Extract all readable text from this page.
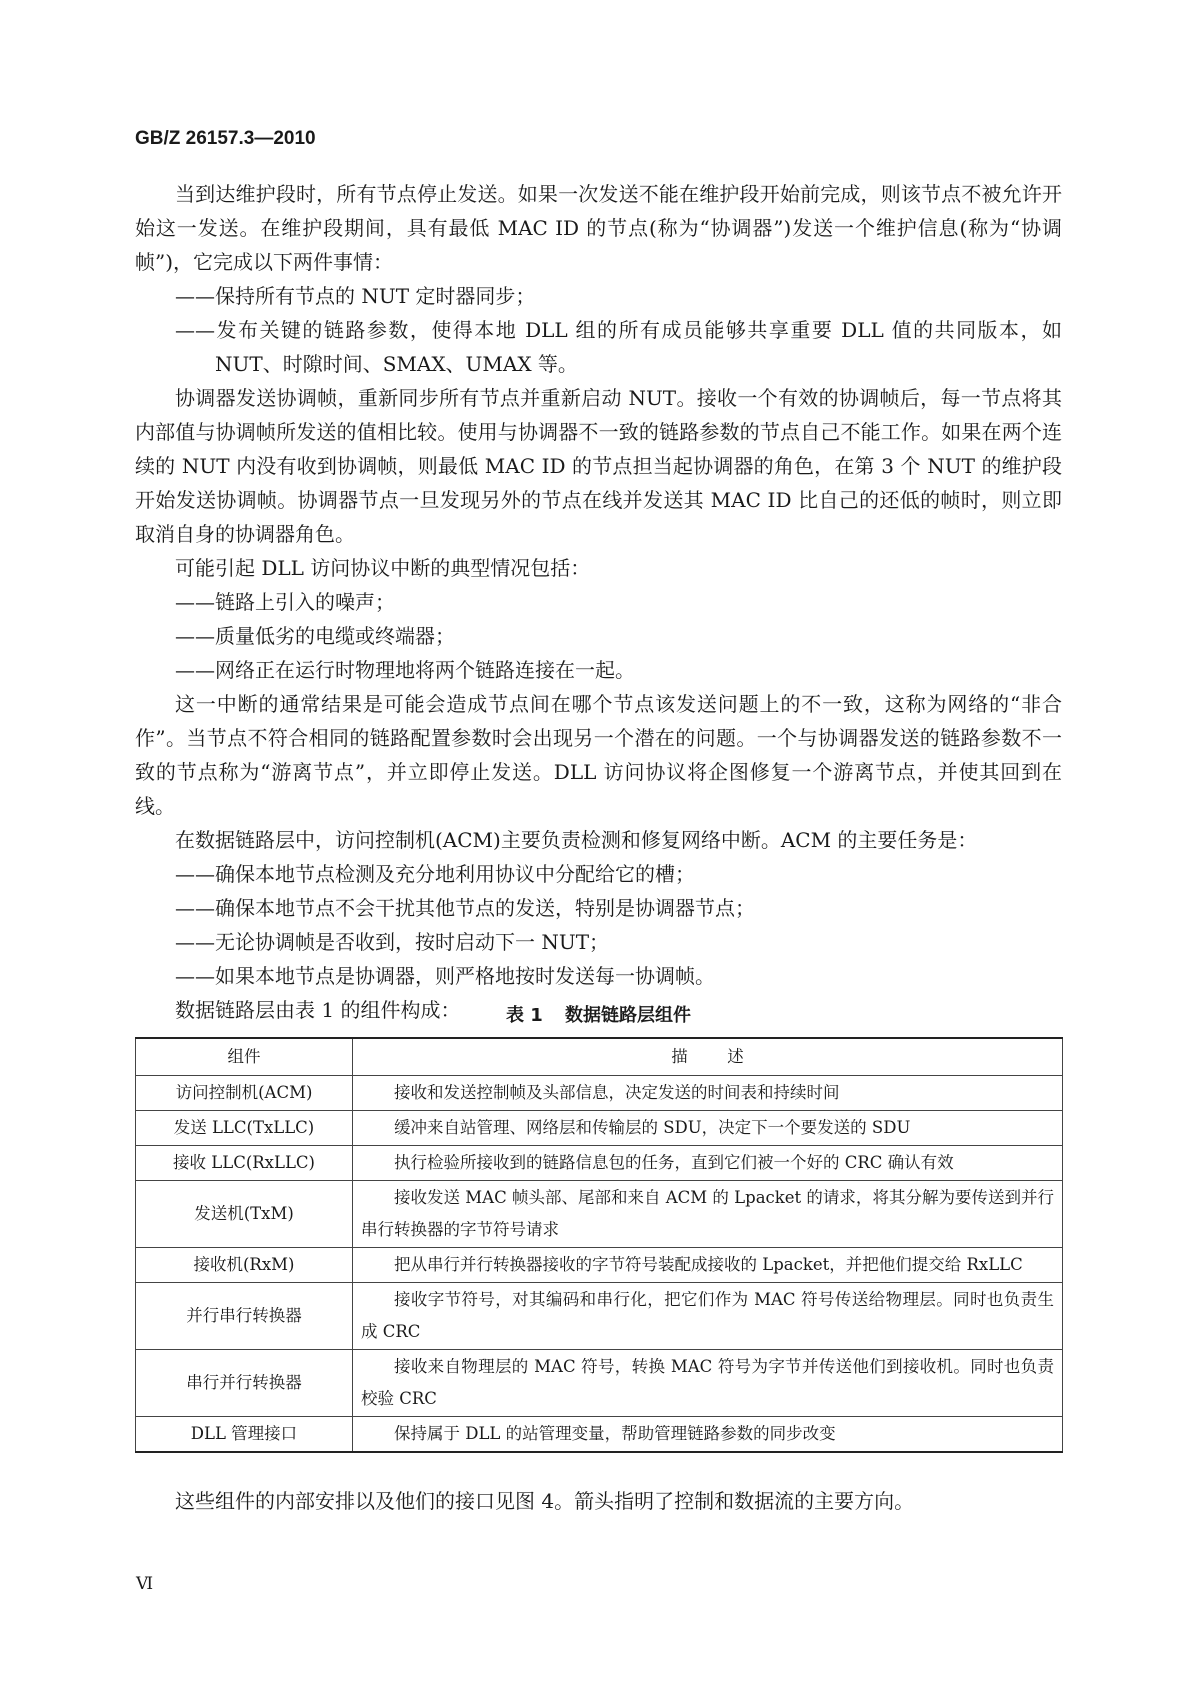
GB/Z 26157.3—2010

当到达维护段时，所有节点停止发送。如果一次发送不能在维护段开始前完成，则该节点不被允许开始这一发送。在维护段期间，具有最低 MAC ID 的节点(称为“协调器”)发送一个维护信息(称为“协调帧”)，它完成以下两件事情：

——保持所有节点的 NUT 定时器同步；

——发布关键的链路参数，使得本地 DLL 组的所有成员能够共享重要 DLL 值的共同版本，如 NUT、时隙时间、SMAX、UMAX 等。

协调器发送协调帧，重新同步所有节点并重新启动 NUT。接收一个有效的协调帧后，每一节点将其内部值与协调帧所发送的值相比较。使用与协调器不一致的链路参数的节点自己不能工作。如果在两个连续的 NUT 内没有收到协调帧，则最低 MAC ID 的节点担当起协调器的角色，在第 3 个 NUT 的维护段开始发送协调帧。协调器节点一旦发现另外的节点在线并发送其 MAC ID 比自己的还低的帧时，则立即取消自身的协调器角色。

可能引起 DLL 访问协议中断的典型情况包括：

——链路上引入的噪声；

——质量低劣的电缆或终端器；

——网络正在运行时物理地将两个链路连接在一起。

这一中断的通常结果是可能会造成节点间在哪个节点该发送问题上的不一致，这称为网络的“非合作”。当节点不符合相同的链路配置参数时会出现另一个潜在的问题。一个与协调器发送的链路参数不一致的节点称为“游离节点”，并立即停止发送。DLL 访问协议将企图修复一个游离节点，并使其回到在线。

在数据链路层中，访问控制机(ACM)主要负责检测和修复网络中断。ACM 的主要任务是：

——确保本地节点检测及充分地利用协议中分配给它的槽；

——确保本地节点不会干扰其他节点的发送，特别是协调器节点；

——无论协调帧是否收到，按时启动下一 NUT；

——如果本地节点是协调器，则严格地按时发送每一协调帧。

数据链路层由表 1 的组件构成：	表 1 数据链路层组件
组件	描 述
访问控制机(ACM)	接收和发送控制帧及头部信息，决定发送的时间表和持续时间
发送 LLC(TxLLC)	缓冲来自站管理、网络层和传输层的 SDU，决定下一个要发送的 SDU
接收 LLC(RxLLC)	执行检验所接收到的链路信息包的任务，直到它们被一个好的 CRC 确认有效
发送机(TxM)	接收发送 MAC 帧头部、尾部和来自 ACM 的 Lpacket 的请求，将其分解为要传送到并行串行转换器的字节符号请求
接收机(RxM)	把从串行并行转换器接收的字节符号装配成接收的 Lpacket，并把他们提交给 RxLLC
并行串行转换器	接收字节符号，对其编码和串行化，把它们作为 MAC 符号传送给物理层。同时也负责生成 CRC
串行并行转换器	接收来自物理层的 MAC 符号，转换 MAC 符号为字节并传送他们到接收机。同时也负责校验 CRC
DLL 管理接口	保持属于 DLL 的站管理变量，帮助管理链路参数的同步改变
这些组件的内部安排以及他们的接口见图 4。箭头指明了控制和数据流的主要方向。
Ⅵ
